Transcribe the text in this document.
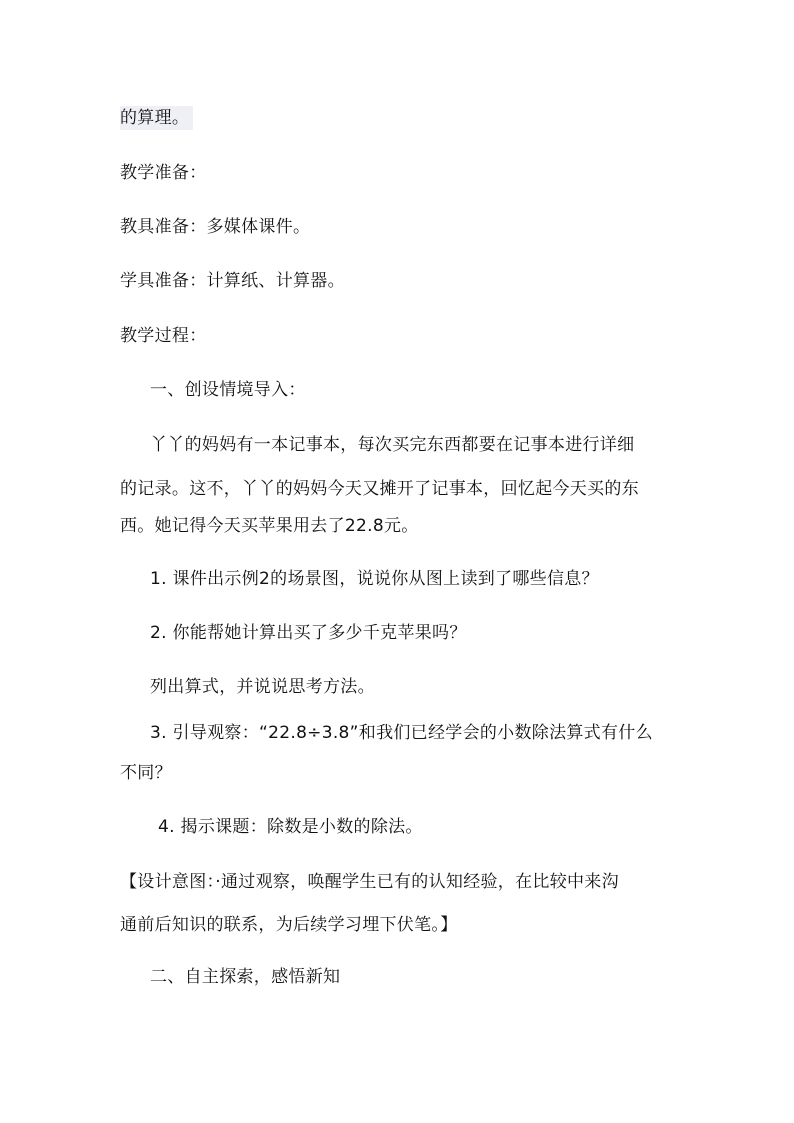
的算理。
教学准备：
教具准备：多媒体课件。
学具准备：计算纸、计算器。
教学过程：
一、创设情境导入：
丫丫的妈妈有一本记事本，每次买完东西都要在记事本进行详细
的记录。这不，丫丫的妈妈今天又摊开了记事本，回忆起今天买的东
西。她记得今天买苹果用去了22.8元。
1. 课件出示例2的场景图，说说你从图上读到了哪些信息？
2. 你能帮她计算出买了多少千克苹果吗？
列出算式，并说说思考方法。
3. 引导观察：“22.8÷3.8”和我们已经学会的小数除法算式有什么
不同？
4. 揭示课题：除数是小数的除法。
【设计意图：·通过观察，唤醒学生已有的认知经验，在比较中来沟
通前后知识的联系，为后续学习埋下伏笔。】
二、自主探索，感悟新知
